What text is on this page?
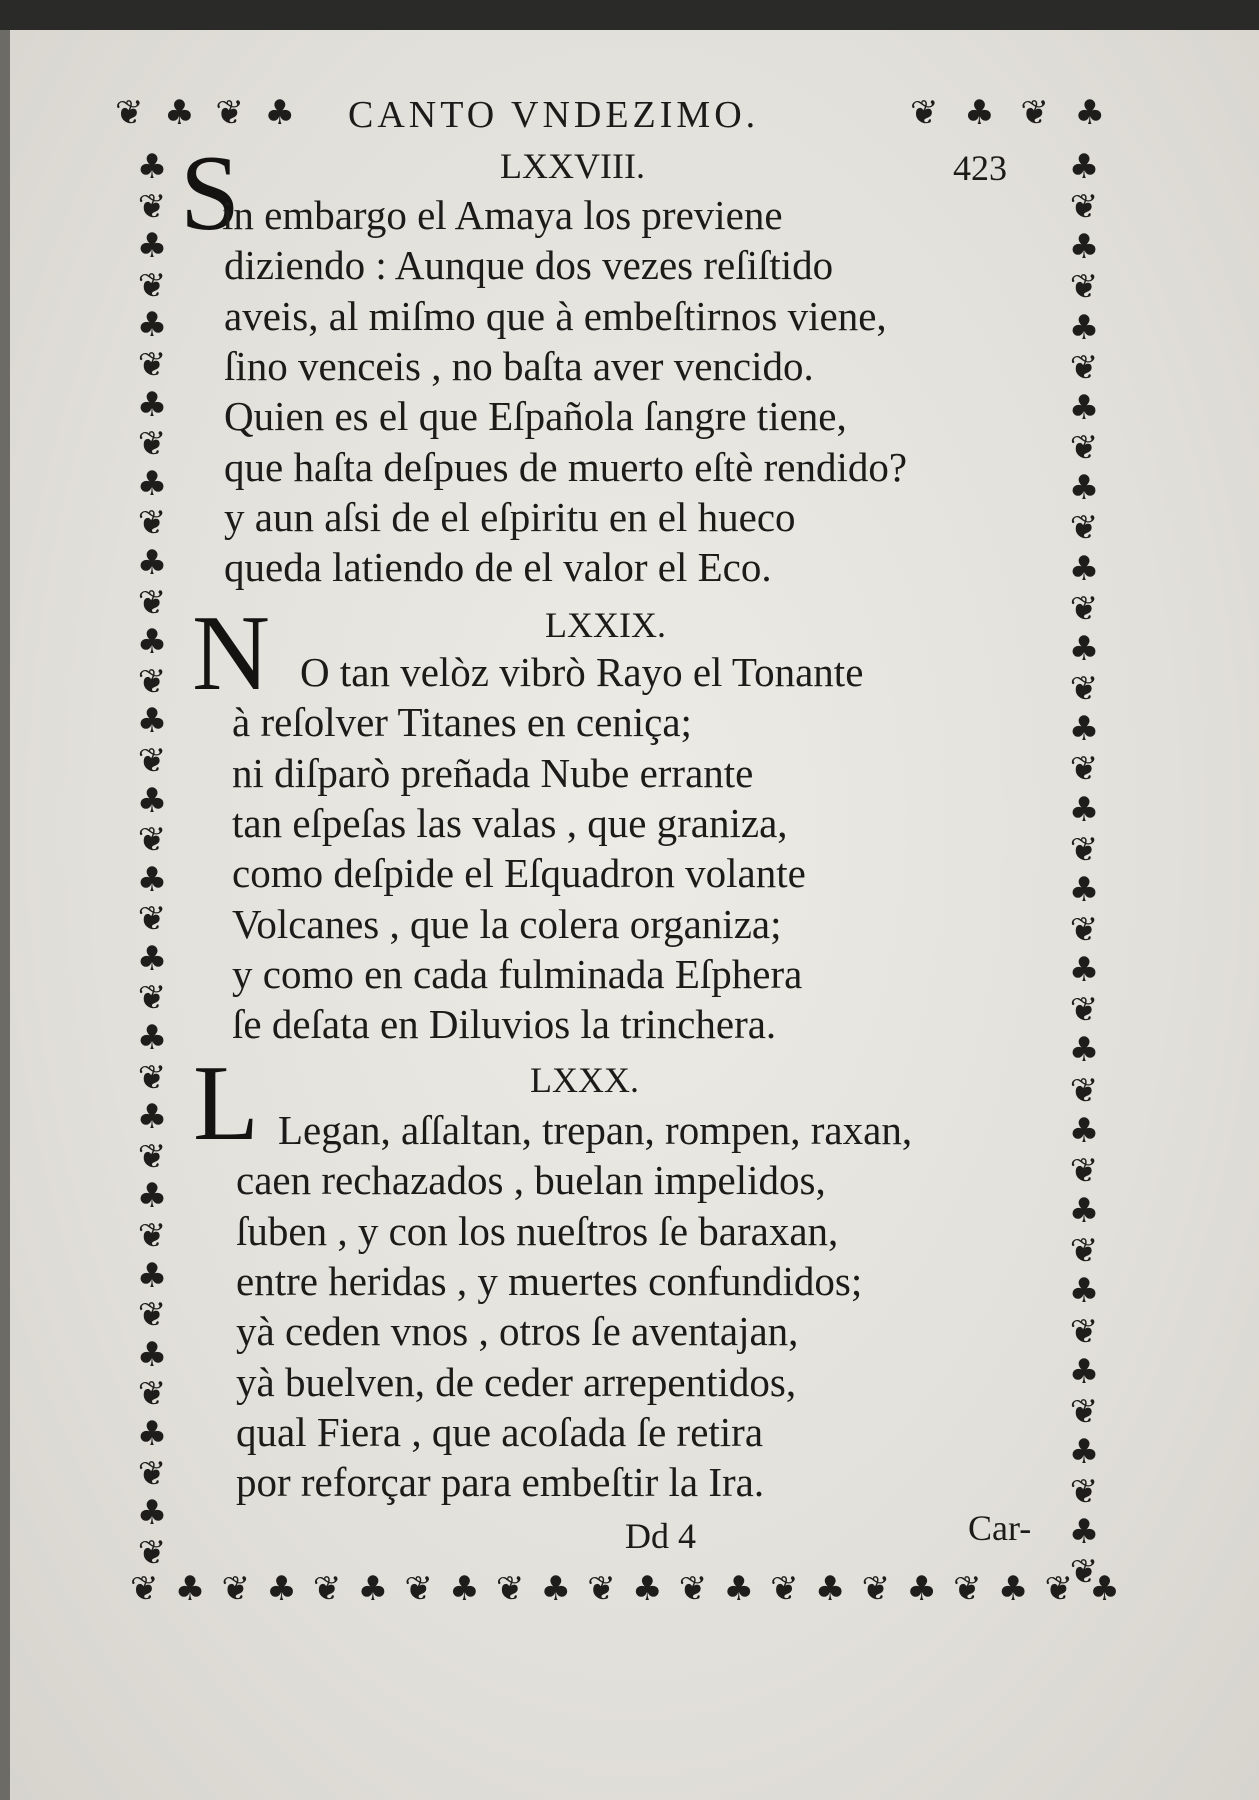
♣
❦
♣
❦
♣
❦
♣
❦
♣
❦
♣
❦
♣
❦
♣
❦
♣
❦
♣
❦
♣
❦
♣
❦
♣
❦
♣
❦
♣
❦
♣
❦
♣
❦
♣
❦
♣
❦
♣
❦
♣
❦
♣
❦
♣
❦
♣
❦
♣
❦
♣
❦
♣
❦
♣
❦
♣
❦
♣
❦
♣
❦
♣
❦
♣
❦
♣
❦
♣
❦
♣
❦
❦ ♣ ❦ ♣	❦ ♣ ❦ ♣
❦ ♣ ❦ ♣ ❦ ♣ ❦ ♣ ❦ ♣ ❦ ♣ ❦ ♣ ❦ ♣ ❦ ♣ ❦ ♣ ❦ ♣
CANTO VNDEZIMO.
423
LXXVIII.
S
in embargo el Amaya los previene
diziendo : Aunque dos vezes reſiſtido
aveis, al miſmo que à embeſtirnos viene,
ſino venceis , no baſta aver vencido.
Quien es el que Eſpañola ſangre tiene,
que haſta deſpues de muerto eſtè rendido?
y aun aſsi de el eſpiritu en el hueco
queda latiendo de el valor el Eco.
LXXIX.
N O tan velòz vibrò Rayo el Tonante
à reſolver Titanes en ceniça;
ni diſparò preñada Nube errante
tan eſpeſas las valas , que graniza,
como deſpide el Eſquadron volante
Volcanes , que la colera organiza;
y como en cada fulminada Eſphera
ſe deſata en Diluvios la trinchera.
LXXX.
L Legan, aſſaltan, trepan, rompen, raxan,
caen rechazados , buelan impelidos,
ſuben , y con los nueſtros ſe baraxan,
entre heridas , y muertes confundidos;
yà ceden vnos , otros ſe aventajan,
yà buelven, de ceder arrepentidos,
qual Fiera , que acoſada ſe retira
por reforçar para embeſtir la Ira.
Dd 4	Car-
